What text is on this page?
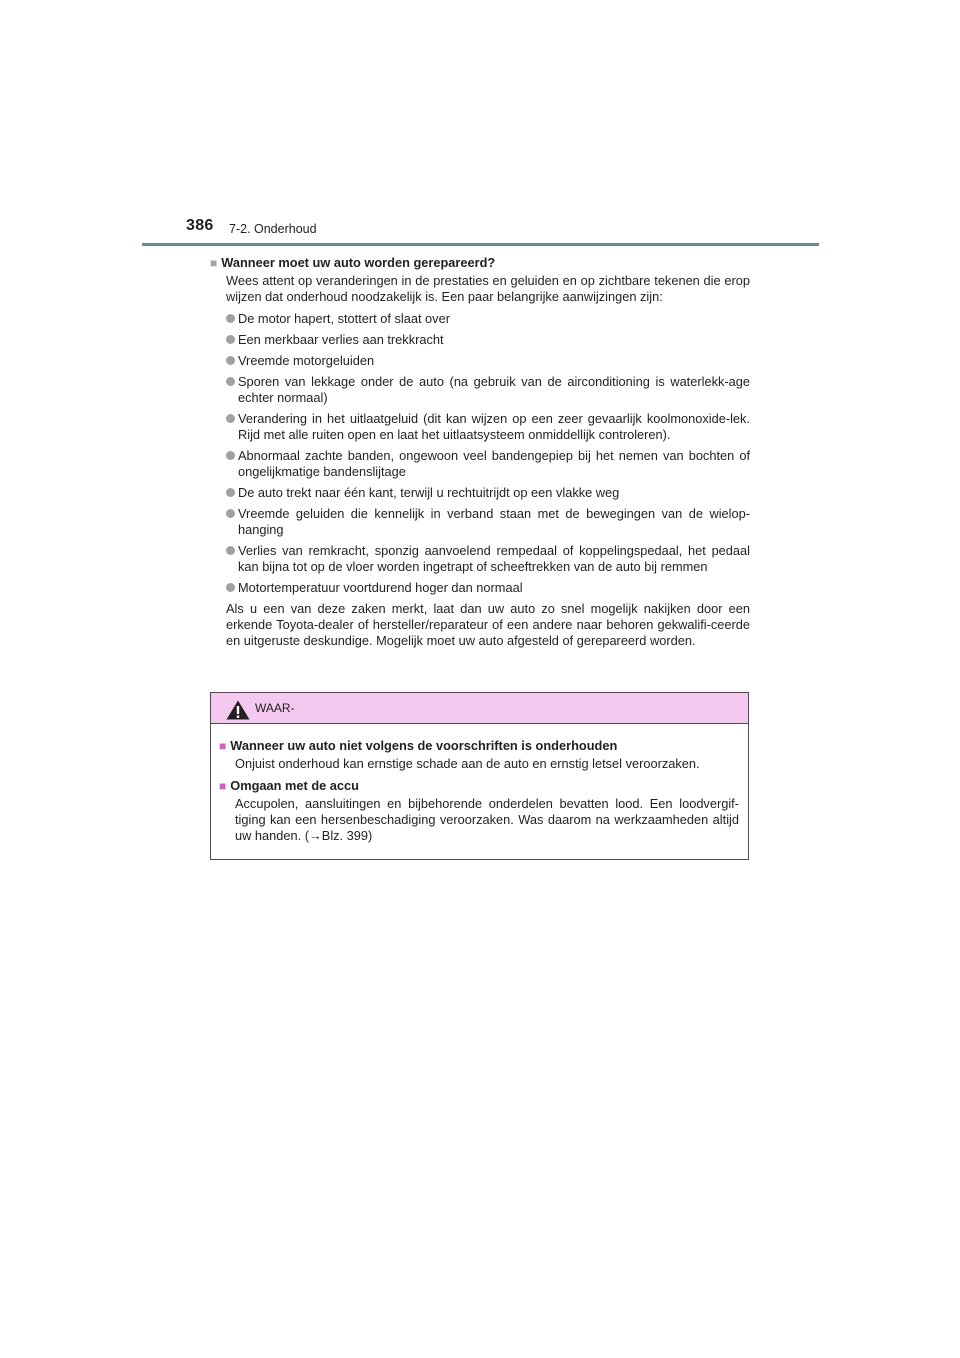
386 7-2. Onderhoud

■ Wanneer moet uw auto worden gerepareerd?

Wees attent op veranderingen in de prestaties en geluiden en op zichtbare tekenen die erop wijzen dat onderhoud noodzakelijk is. Een paar belangrijke aanwijzingen zijn:

De motor hapert, stottert of slaat over
Een merkbaar verlies aan trekkracht
Vreemde motorgeluiden
Sporen van lekkage onder de auto (na gebruik van de airconditioning is waterlekk-age echter normaal)
Verandering in het uitlaatgeluid (dit kan wijzen op een zeer gevaarlijk koolmonoxide-lek. Rijd met alle ruiten open en laat het uitlaatsysteem onmiddellijk controleren).
Abnormaal zachte banden, ongewoon veel bandengepiep bij het nemen van bochten of ongelijkmatige bandenslijtage
De auto trekt naar één kant, terwijl u rechtuitrijdt op een vlakke weg
Vreemde geluiden die kennelijk in verband staan met de bewegingen van de wielop-hanging
Verlies van remkracht, sponzig aanvoelend rempedaal of koppelingspedaal, het pedaal kan bijna tot op de vloer worden ingetrapt of scheeftrekken van de auto bij remmen
Motortemperatuur voortdurend hoger dan normaal

Als u een van deze zaken merkt, laat dan uw auto zo snel mogelijk nakijken door een erkende Toyota-dealer of hersteller/reparateur of een andere naar behoren gekwalifi-ceerde en uitgeruste deskundige. Mogelijk moet uw auto afgesteld of gerepareerd worden.

WAAR-

■ Wanneer uw auto niet volgens de voorschriften is onderhouden

Onjuist onderhoud kan ernstige schade aan de auto en ernstig letsel veroorzaken.

■ Omgaan met de accu

Accupolen, aansluitingen en bijbehorende onderdelen bevatten lood. Een loodvergif-tiging kan een hersenbeschadiging veroorzaken. Was daarom na werkzaamheden altijd uw handen. (→Blz. 399)
